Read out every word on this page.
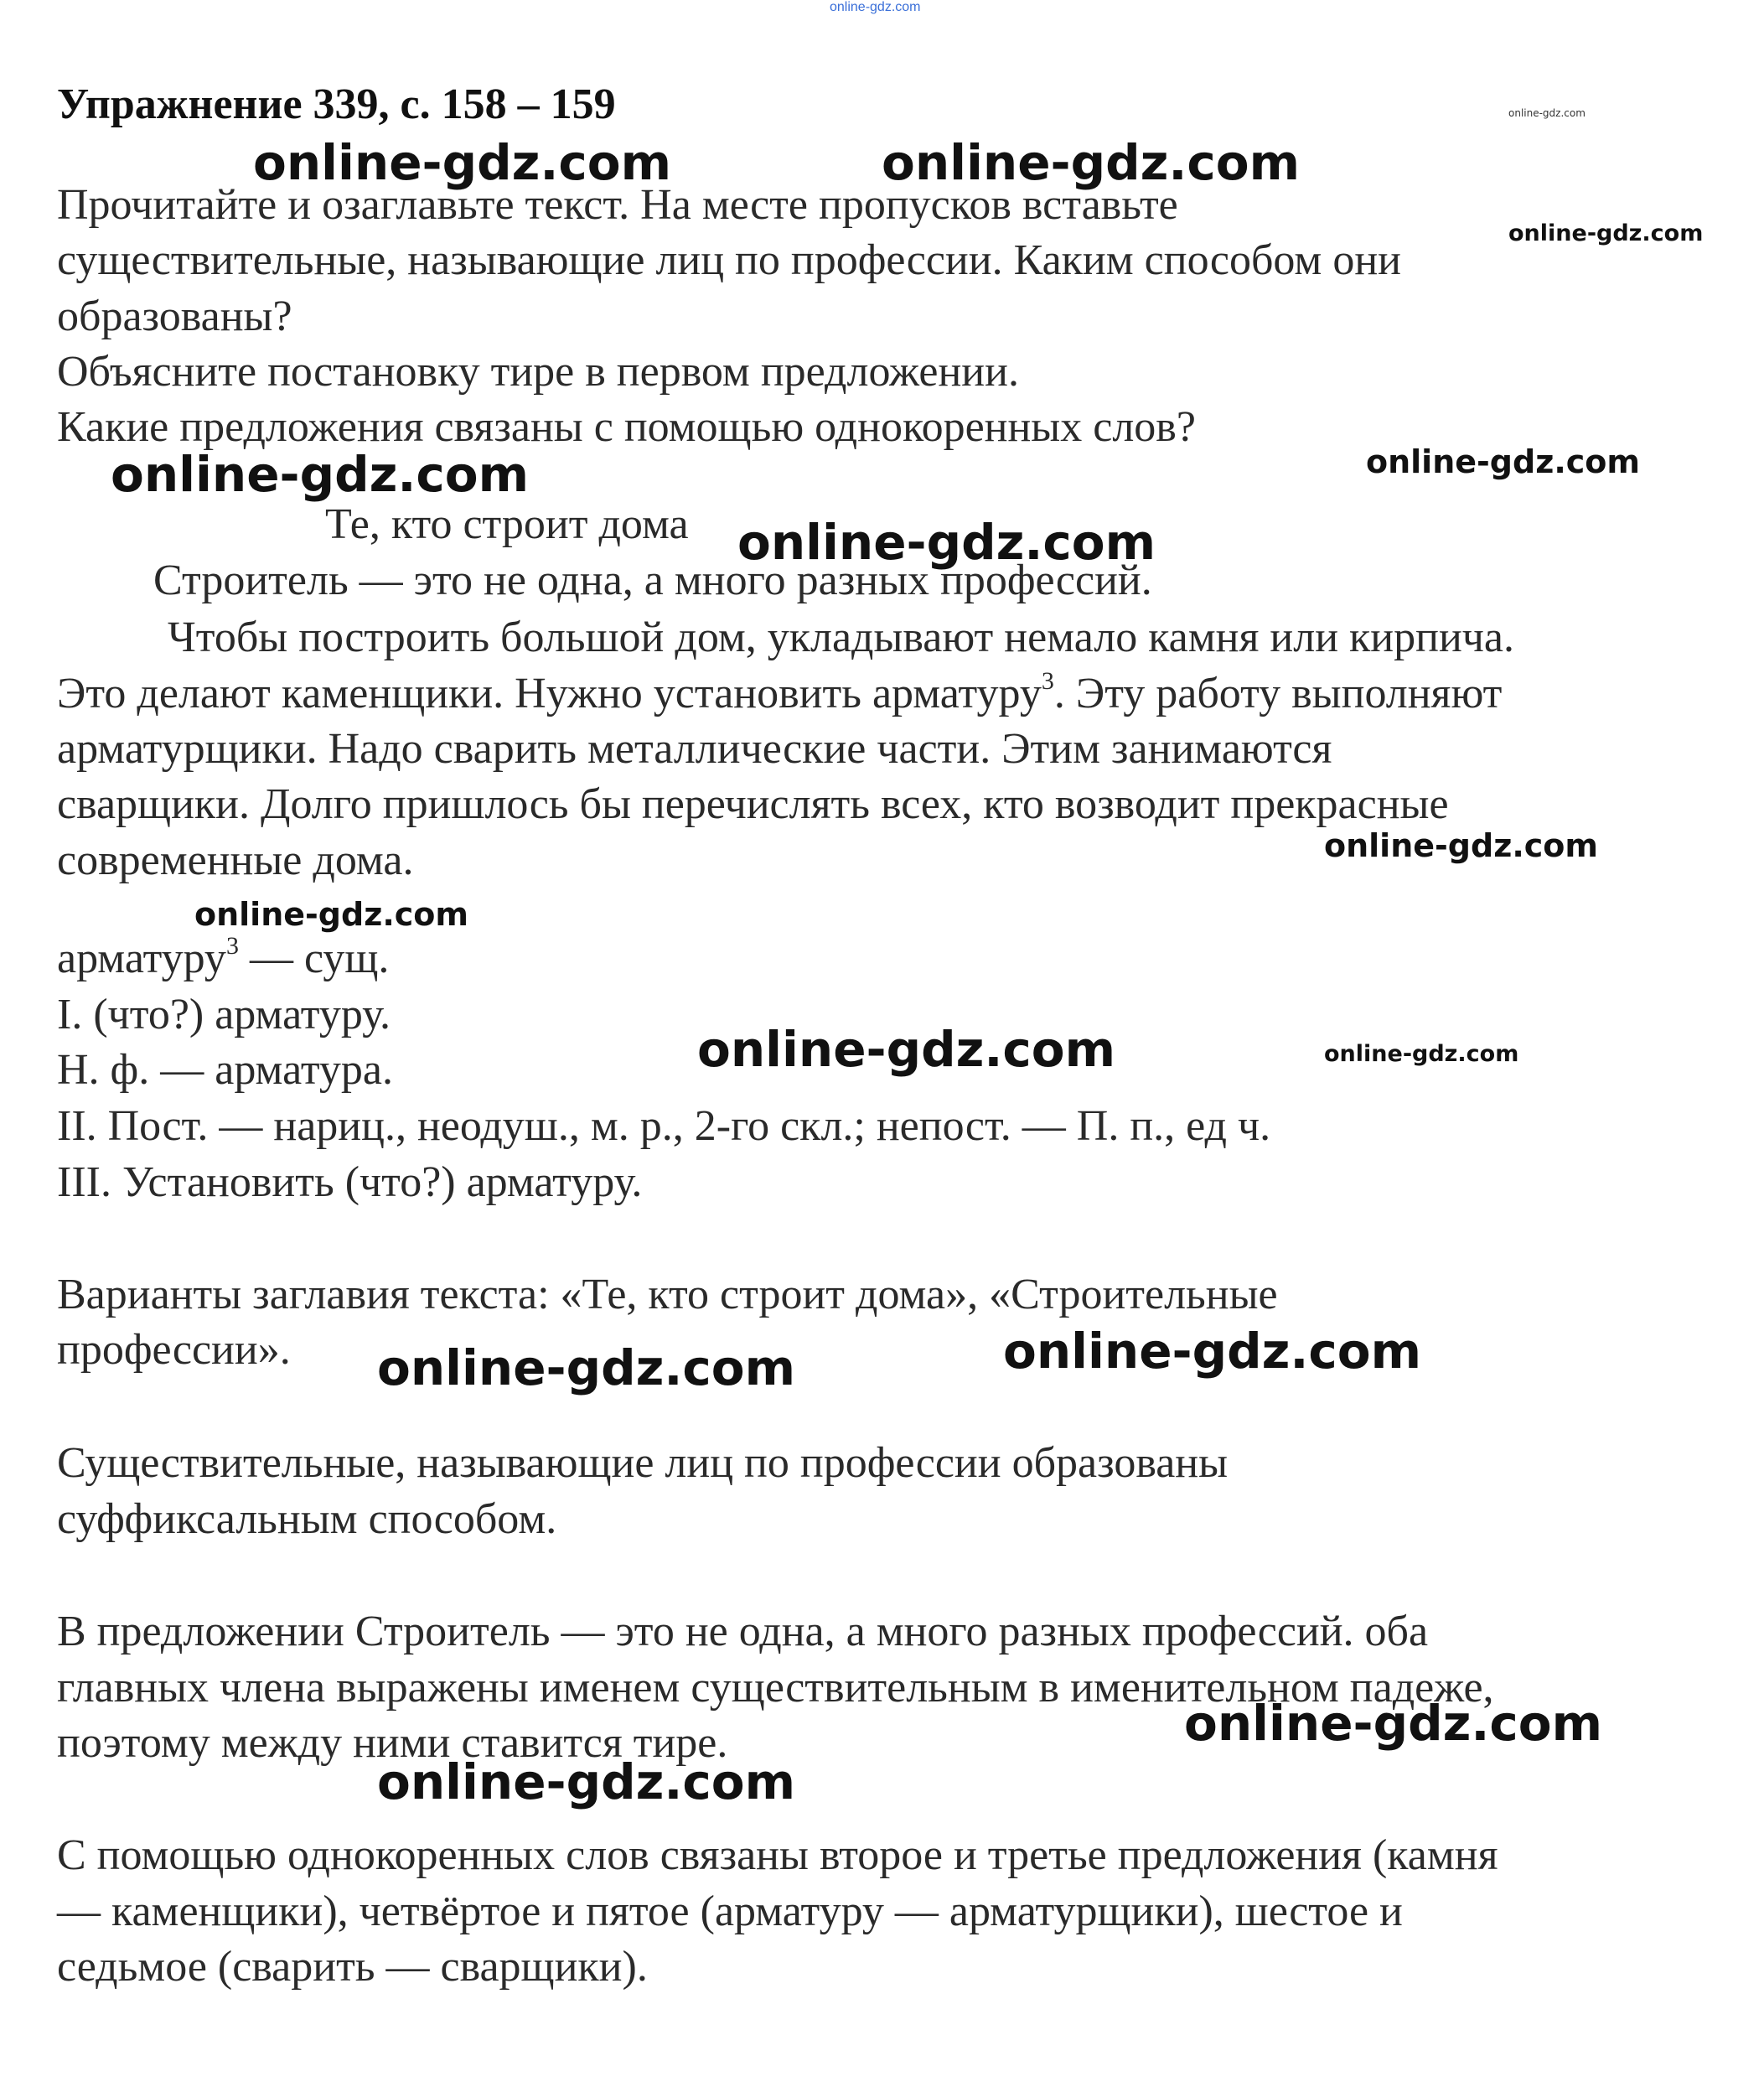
online-gdz.com
Упражнение 339, с. 158 – 159	online-gdz.com
Прочитайте и озаглавьте текст. На месте пропусков вставьте
существительные, называющие лиц по профессии. Каким способом они
образованы?
Объясните постановку тире в первом предложении.
Какие предложения связаны с помощью однокоренных слов?
Те, кто строит дома
Строитель — это не одна, а много разных профессий.
Чтобы построить большой дом, укладывают немало камня или кирпича.
Это делают каменщики. Нужно установить арматуру$^3$. Эту работу выполняют
арматурщики. Надо сварить металлические части. Этим занимаются
сварщики. Долго пришлось бы перечислять всех, кто возводит прекрасные
современные дома.
арматуру$^3$ — сущ.
I. (что?) арматуру.
Н. ф. — арматура.
II. Пост. — нариц., неодуш., м. р., 2-го скл.; непост. — П. п., ед ч.
III. Установить (что?) арматуру.
Варианты заглавия текста: «Те, кто строит дома», «Строительные
профессии».
Существительные, называющие лиц по профессии образованы
суффиксальным способом.
В предложении Строитель — это не одна, а много разных профессий. оба
главных члена выражены именем существительным в именительном падеже,
поэтому между ними ставится тире.
С помощью однокоренных слов связаны второе и третье предложения (камня
— каменщики), четвёртое и пятое (арматуру — арматурщики), шестое и
седьмое (сварить — сварщики).
online-gdz.com	online-gdz.com
online-gdz.com
online-gdz.com	online-gdz.com
online-gdz.com
online-gdz.com
online-gdz.com
online-gdz.com	online-gdz.com
online-gdz.com
online-gdz.com
online-gdz.com
online-gdz.com
